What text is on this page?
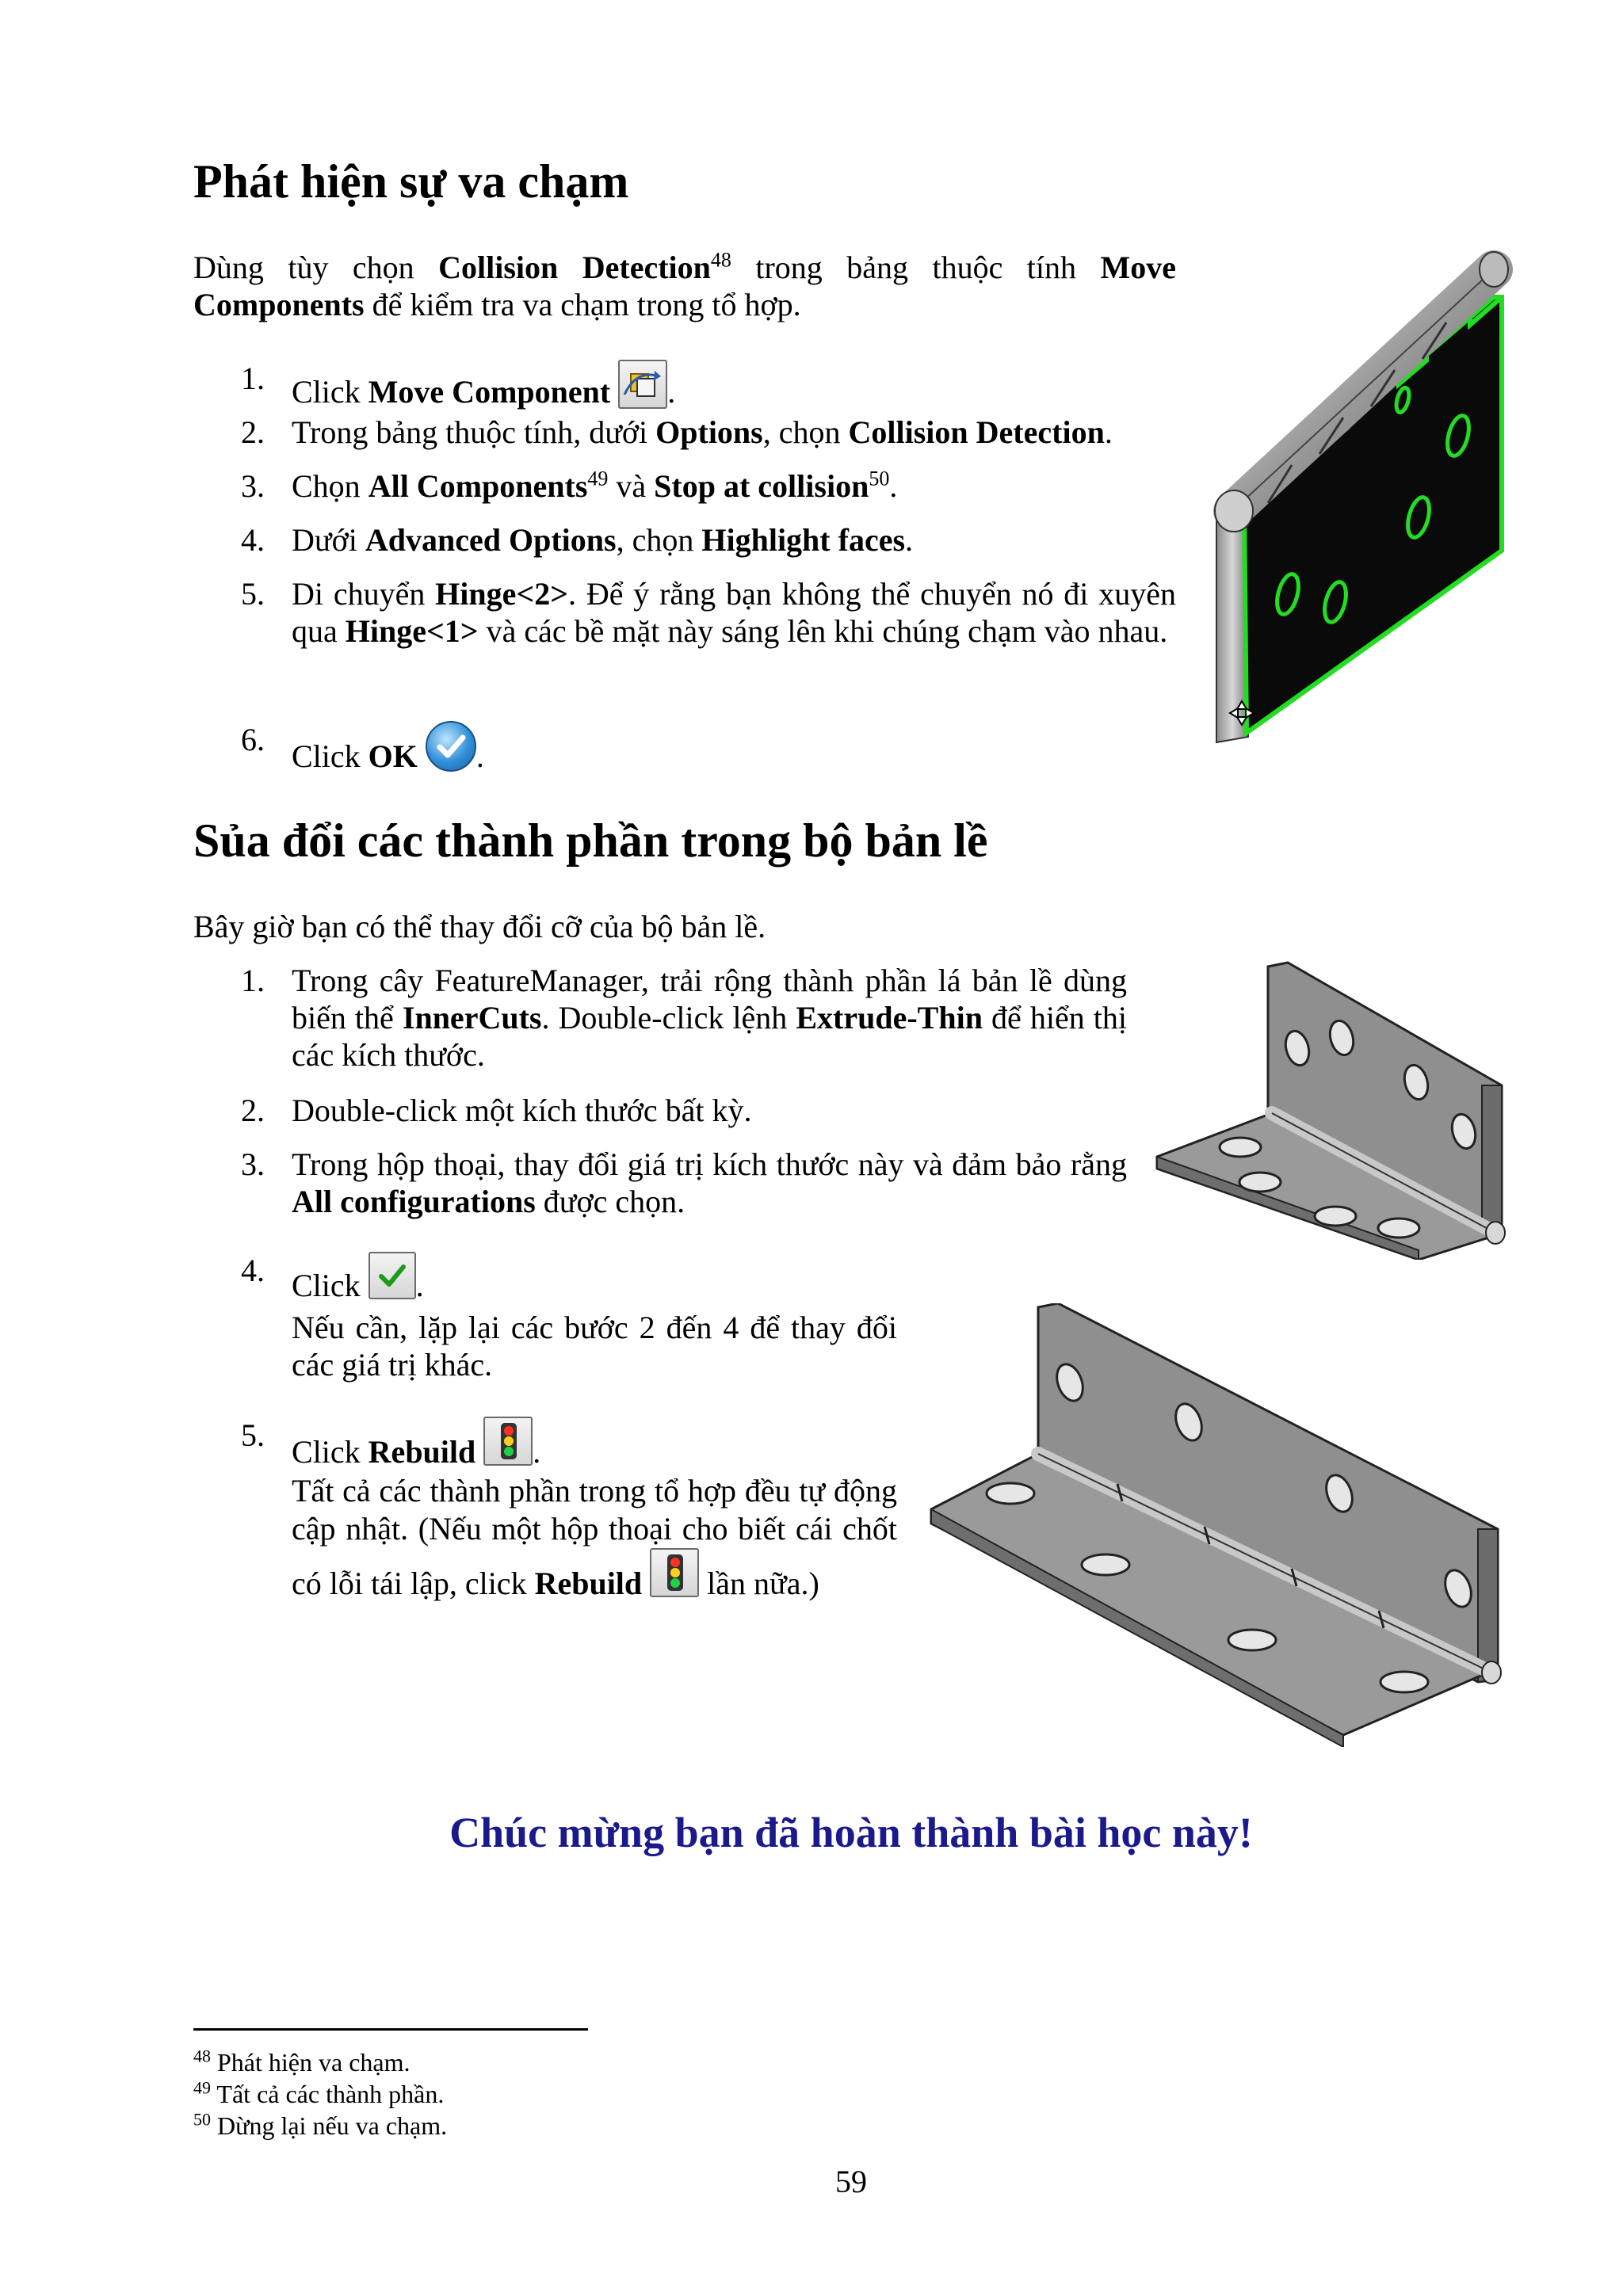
Phát hiện sự va chạm
Dùng tùy chọn Collision Detection$^{48}$ trong bảng thuộc tính Move Components để kiểm tra va chạm trong tổ hợp.
1. Click Move Component .
2. Trong bảng thuộc tính, dưới Options, chọn Collision Detection.
3. Chọn All Components$^{49}$ và Stop at collision$^{50}$.
4. Dưới Advanced Options, chọn Highlight faces.
5. Di chuyển Hinge<2>. Để ý rằng bạn không thể chuyển nó đi xuyên qua Hinge<1> và các bề mặt này sáng lên khi chúng chạm vào nhau.
6. Click OK .
Sủa đổi các thành phần trong bộ bản lề
Bây giờ bạn có thể thay đổi cỡ của bộ bản lề.
1. Trong cây FeatureManager, trải rộng thành phần lá bản lề dùng biến thể InnerCuts. Double-click lệnh Extrude-Thin để hiển thị các kích thước.
2. Double-click một kích thước bất kỳ.
3. Trong hộp thoại, thay đổi giá trị kích thước này và đảm bảo rằng All configurations được chọn.
4. Click
.
Nếu cần, lặp lại các bước 2 đến 4 để thay đổi các giá trị khác.
5. Click Rebuild .
Tất cả các thành phần trong tổ hợp đều tự động cập nhật. (Nếu một hộp thoại cho biết cái chốt có lỗi tái lập, click Rebuild
lần nữa.)
Chúc mừng bạn đã hoàn thành bài học này!
$^{48}$ Phát hiện va chạm.
$^{49}$ Tất cả các thành phần.
$^{50}$ Dừng lại nếu va chạm.
59
